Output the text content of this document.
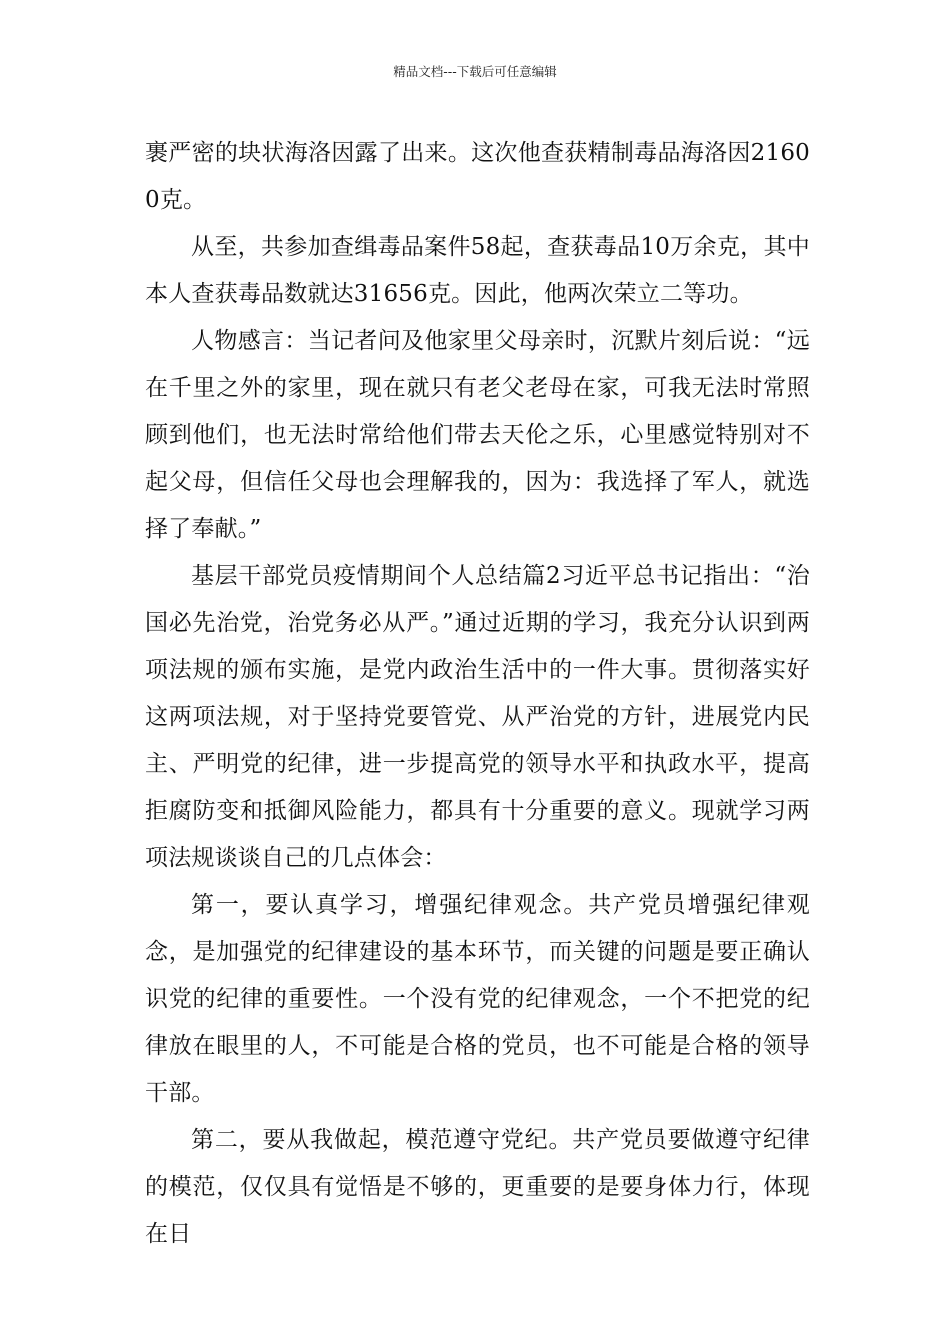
精品文档---下载后可任意编辑

裹严密的块状海洛因露了出来。这次他查获精制毒品海洛因21600克。

从至，共参加查缉毒品案件58起，查获毒品10万余克，其中本人查获毒品数就达31656克。因此，他两次荣立二等功。

人物感言：当记者问及他家里父母亲时，沉默片刻后说：“远在千里之外的家里，现在就只有老父老母在家，可我无法时常照顾到他们，也无法时常给他们带去天伦之乐，心里感觉特别对不起父母，但信任父母也会理解我的，因为：我选择了军人，就选择了奉献。”

基层干部党员疫情期间个人总结篇2习近平总书记指出：“治国必先治党，治党务必从严。”通过近期的学习，我充分认识到两项法规的颁布实施，是党内政治生活中的一件大事。贯彻落实好这两项法规，对于坚持党要管党、从严治党的方针，进展党内民主、严明党的纪律，进一步提高党的领导水平和执政水平，提高拒腐防变和抵御风险能力，都具有十分重要的意义。现就学习两项法规谈谈自己的几点体会：

第一，要认真学习，增强纪律观念。共产党员增强纪律观念，是加强党的纪律建设的基本环节，而关键的问题是要正确认识党的纪律的重要性。一个没有党的纪律观念，一个不把党的纪律放在眼里的人，不可能是合格的党员，也不可能是合格的领导干部。

第二，要从我做起，模范遵守党纪。共产党员要做遵守纪律的模范，仅仅具有觉悟是不够的，更重要的是要身体力行，体现在日
